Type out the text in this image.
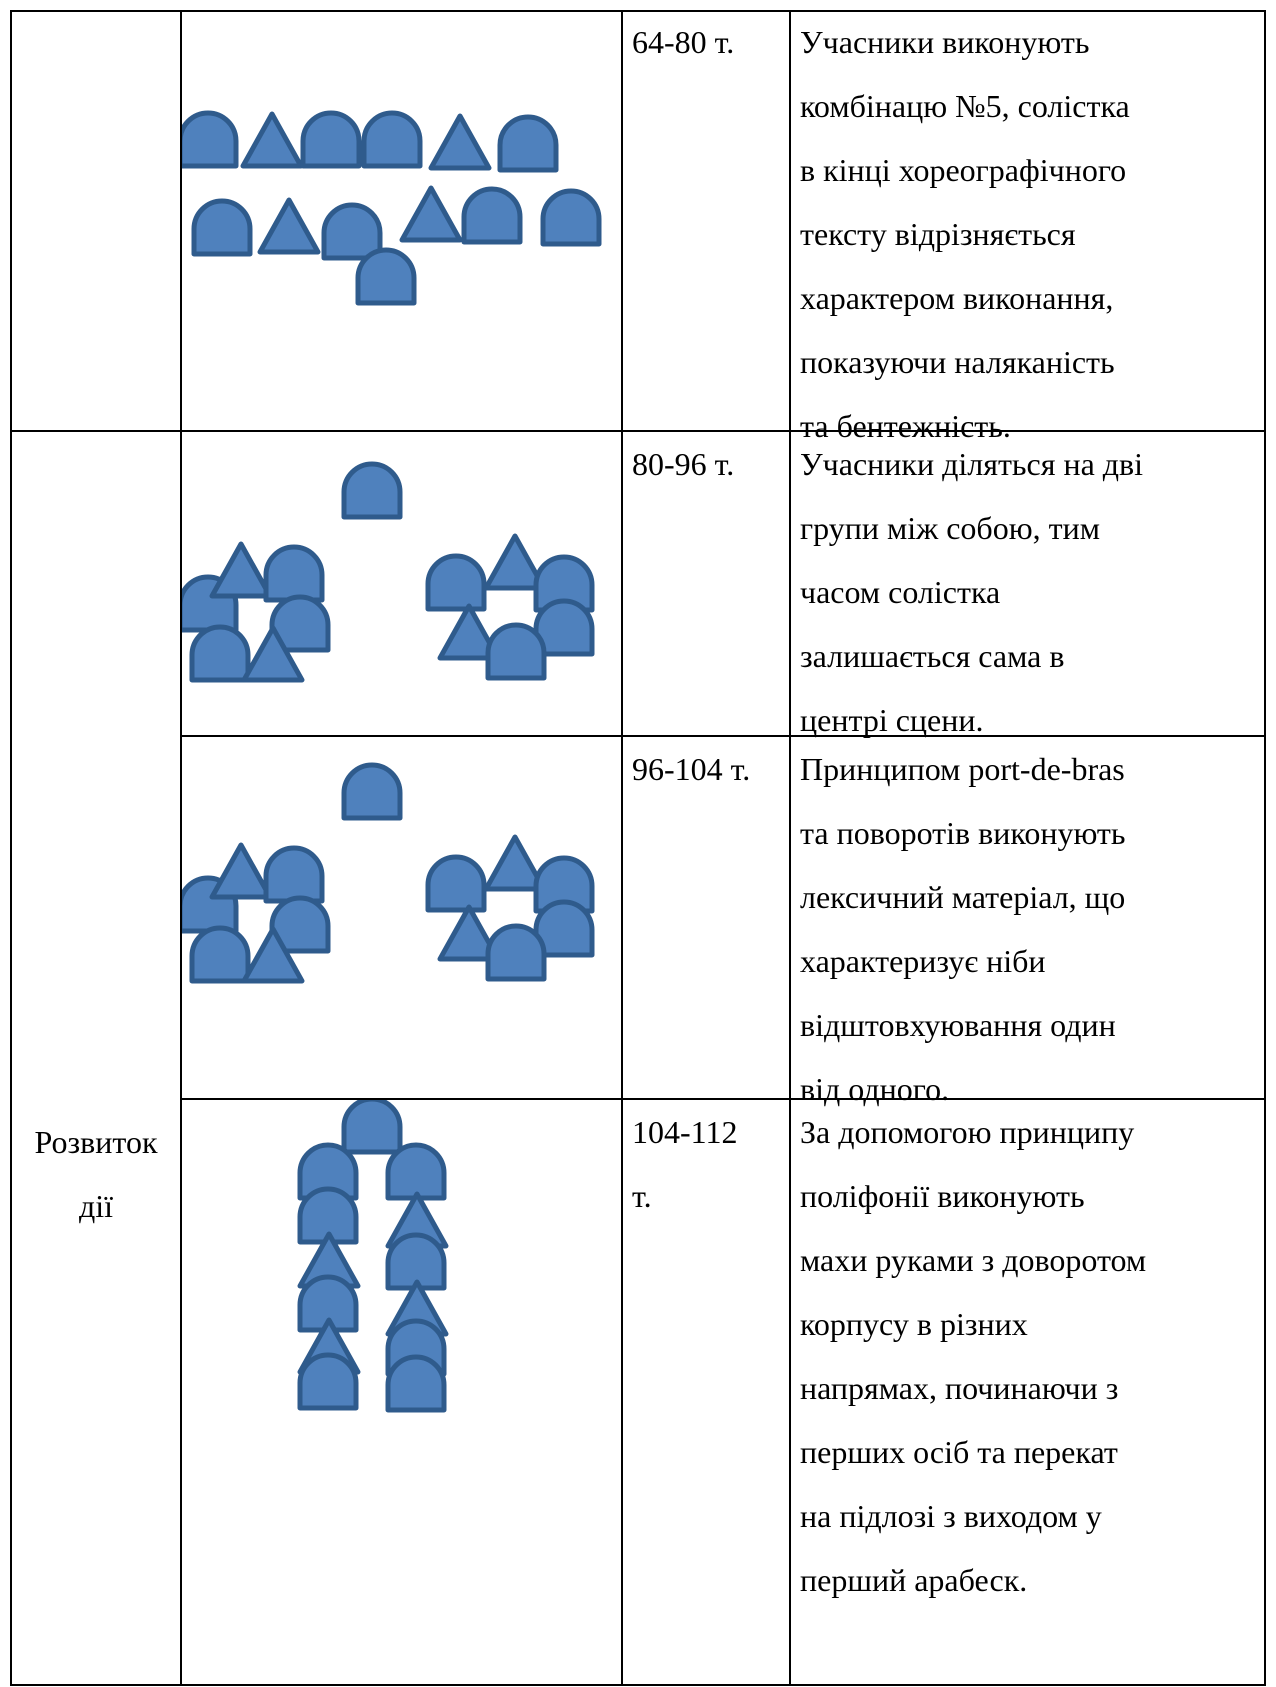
Розвиток
дії
64-80 т.
80-96 т.
96-104 т.
104-112
т.
Учасники виконують
комбінацю №5, солістка
в кінці хореографічного
тексту відрізняється
характером виконання,
показуючи наляканість
та бентежність.
Учасники діляться на дві
групи між собою, тим
часом солістка
залишається сама в
центрі сцени.
Принципом port-de-bras
та поворотів виконують
лексичний матеріал, що
характеризує ніби
відштовхуювання один
від одного.
За допомогою принципу
поліфонії виконують
махи руками з доворотом
корпусу в різних
напрямах, починаючи з
перших осіб та перекат
на підлозі з виходом у
перший арабеск.
